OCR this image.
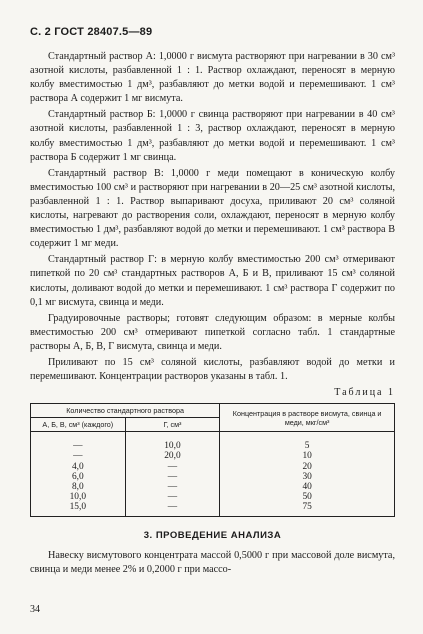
С. 2 ГОСТ 28407.5—89

Стандартный раствор А: 1,0000 г висмута растворяют при нагревании в 30 см³ азотной кислоты, разбавленной 1 : 1. Раствор охлаждают, переносят в мерную колбу вместимостью 1 дм³, разбавляют до метки водой и перемешивают. 1 см³ раствора А содержит 1 мг висмута.

Стандартный раствор Б: 1,0000 г свинца растворяют при нагревании в 40 см³ азотной кислоты, разбавленной 1 : 3, раствор охлаждают, переносят в мерную колбу вместимостью 1 дм³, разбавляют до метки водой и перемешивают. 1 см³ раствора Б содержит 1 мг свинца.

Стандартный раствор В: 1,0000 г меди помещают в коническую колбу вместимостью 100 см³ и растворяют при нагревании в 20—25 см³ азотной кислоты, разбавленной 1 : 1. Раствор выпаривают досуха, приливают 20 см³ соляной кислоты, нагревают до растворения соли, охлаждают, переносят в мерную колбу вместимостью 1 дм³, разбавляют водой до метки и перемешивают. 1 см³ раствора В содержит 1 мг меди.

Стандартный раствор Г: в мерную колбу вместимостью 200 см³ отмеривают пипеткой по 20 см³ стандартных растворов А, Б и В, приливают 15 см³ соляной кислоты, доливают водой до метки и перемешивают. 1 см³ раствора Г содержит по 0,1 мг висмута, свинца и меди.

Градуировочные растворы; готовят следующим образом: в мерные колбы вместимостью 200 см³ отмеривают пипеткой согласно табл. 1 стандартные растворы А, Б, В, Г висмута, свинца и меди.

Приливают по 15 см³ соляной кислоты, разбавляют водой до метки и перемешивают. Концентрации растворов указаны в табл. 1.

Таблица 1
Количество стандартного раствора		Концентрация в растворе висмута, свинца и меди, мкг/см³
А, Б, В, см³ (каждого)	Г, см³	
—	10,0	5
—	20,0	10
4,0	—	20
6,0	—	30
8,0	—	40
10,0	—	50
15,0	—	75
3. ПРОВЕДЕНИЕ АНАЛИЗА

Навеску висмутового концентрата массой 0,5000 г при массовой доле висмута, свинца и меди менее 2% и 0,2000 г при массо-

34
